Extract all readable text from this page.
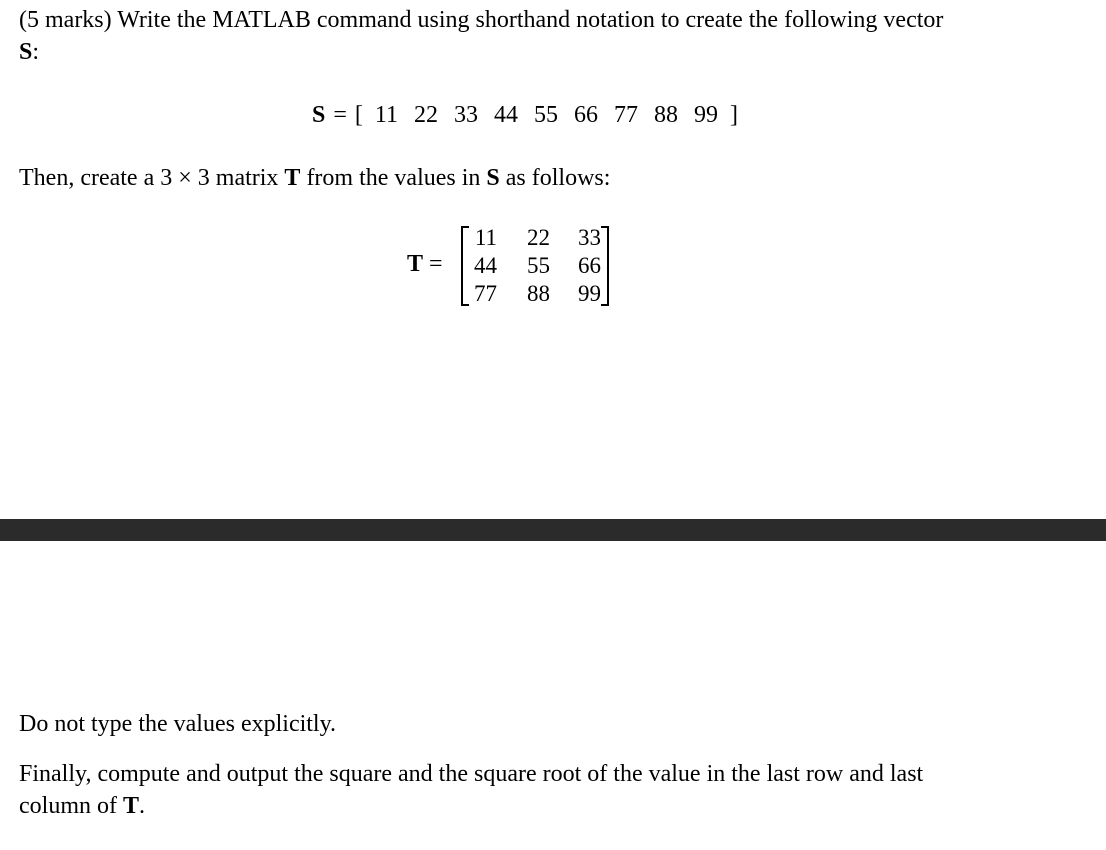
(5 marks) Write the MATLAB command using shorthand notation to create the following vector
S:
S = [ 11 22 33 44 55 66 77 88 99 ]
Then, create a 3 × 3 matrix T from the values in S as follows:
T =
11	22	33
44	55	66
77	88	99
Do not type the values explicitly.
Finally, compute and output the square and the square root of the value in the last row and last
column of T.
